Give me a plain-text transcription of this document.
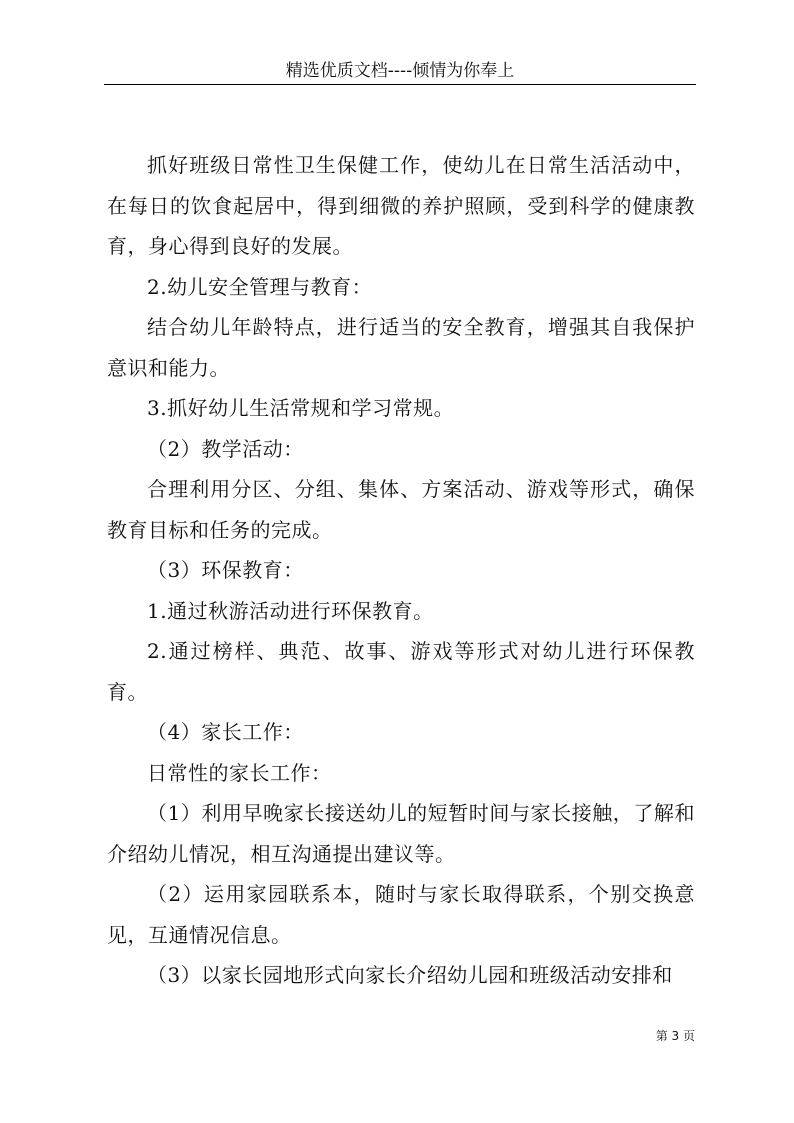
精选优质文档----倾情为你奉上

抓好班级日常性卫生保健工作，使幼儿在日常生活活动中，在每日的饮食起居中，得到细微的养护照顾，受到科学的健康教育，身心得到良好的发展。

2.幼儿安全管理与教育：

结合幼儿年龄特点，进行适当的安全教育，增强其自我保护意识和能力。

3.抓好幼儿生活常规和学习常规。

（2）教学活动：

合理利用分区、分组、集体、方案活动、游戏等形式，确保教育目标和任务的完成。

（3）环保教育：

1.通过秋游活动进行环保教育。

2.通过榜样、典范、故事、游戏等形式对幼儿进行环保教育。

（4）家长工作：

日常性的家长工作：

（1）利用早晚家长接送幼儿的短暂时间与家长接触，了解和介绍幼儿情况，相互沟通提出建议等。

（2）运用家园联系本，随时与家长取得联系，个别交换意见，互通情况信息。

（3）以家长园地形式向家长介绍幼儿园和班级活动安排和

第 3 页
